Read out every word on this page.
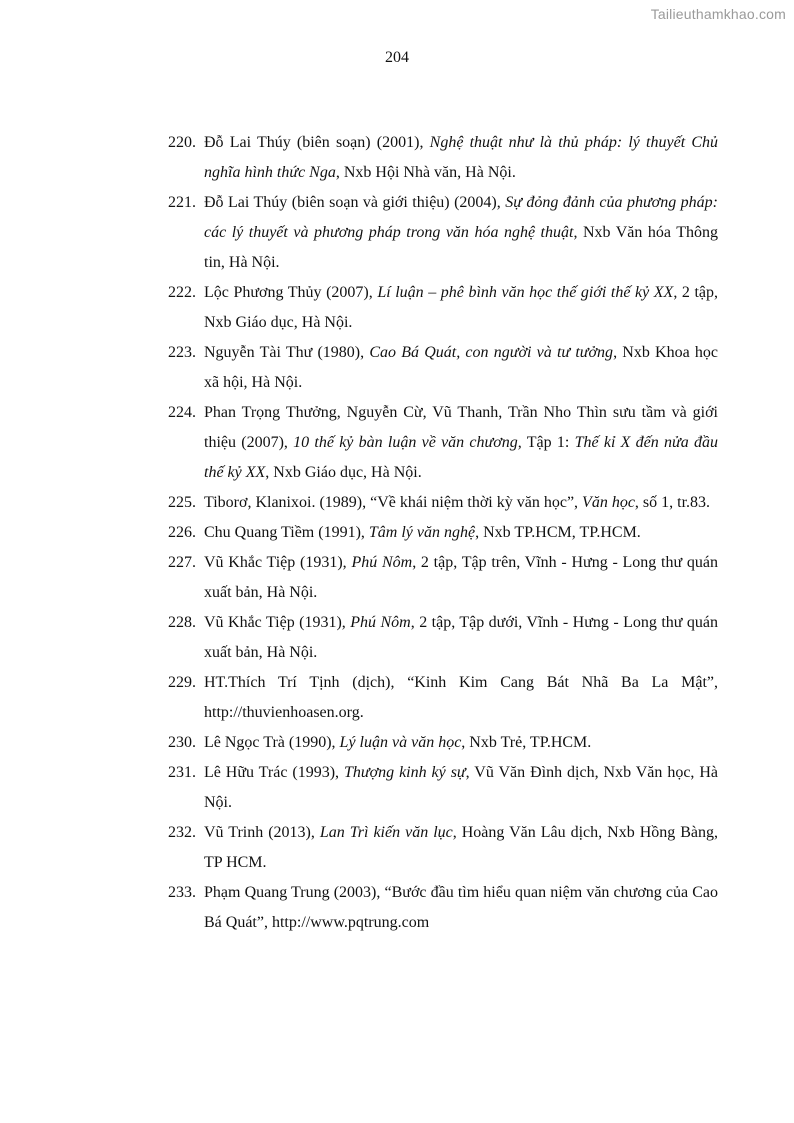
Tailieuthamkhao.com
204
220. Đỗ Lai Thúy (biên soạn) (2001), Nghệ thuật như là thủ pháp: lý thuyết Chủ nghĩa hình thức Nga, Nxb Hội Nhà văn, Hà Nội.
221. Đỗ Lai Thúy (biên soạn và giới thiệu) (2004), Sự đỏng đảnh của phương pháp: các lý thuyết và phương pháp trong văn hóa nghệ thuật, Nxb Văn hóa Thông tin, Hà Nội.
222. Lộc Phương Thủy (2007), Lí luận – phê bình văn học thế giới thế kỷ XX, 2 tập, Nxb Giáo dục, Hà Nội.
223. Nguyễn Tài Thư (1980), Cao Bá Quát, con người và tư tưởng, Nxb Khoa học xã hội, Hà Nội.
224. Phan Trọng Thưởng, Nguyễn Cừ, Vũ Thanh, Trần Nho Thìn sưu tầm và giới thiệu (2007), 10 thế kỷ bàn luận về văn chương, Tập 1: Thế kỉ X đến nửa đầu thế kỷ XX, Nxb Giáo dục, Hà Nội.
225. Tiborơ, Klanixoi. (1989), “Về khái niệm thời kỳ văn học”, Văn học, số 1, tr.83.
226. Chu Quang Tiềm (1991), Tâm lý văn nghệ, Nxb TP.HCM, TP.HCM.
227. Vũ Khắc Tiệp (1931), Phú Nôm, 2 tập, Tập trên, Vĩnh - Hưng - Long thư quán xuất bản, Hà Nội.
228. Vũ Khắc Tiệp (1931), Phú Nôm, 2 tập, Tập dưới, Vĩnh - Hưng - Long thư quán xuất bản, Hà Nội.
229. HT.Thích Trí Tịnh (dịch), “Kinh Kim Cang Bát Nhã Ba La Mật”, http://thuvienhoasen.org.
230. Lê Ngọc Trà (1990), Lý luận và văn học, Nxb Trẻ, TP.HCM.
231. Lê Hữu Trác (1993), Thượng kinh ký sự, Vũ Văn Đình dịch, Nxb Văn học, Hà Nội.
232. Vũ Trinh (2013), Lan Trì kiến văn lục, Hoàng Văn Lâu dịch, Nxb Hồng Bàng, TP HCM.
233. Phạm Quang Trung (2003), “Bước đầu tìm hiểu quan niệm văn chương của Cao Bá Quát”, http://www.pqtrung.com
